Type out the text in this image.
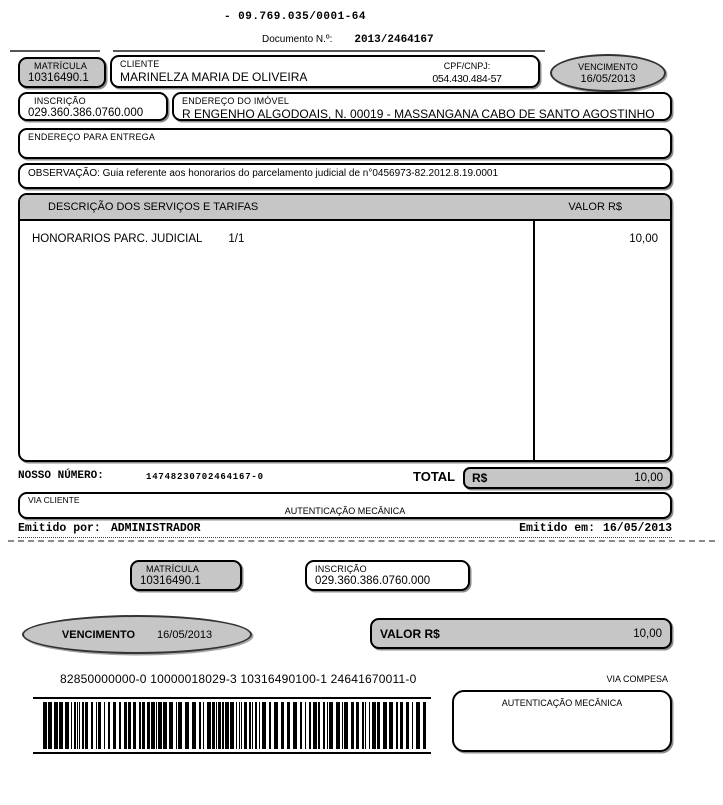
- 09.769.035/0001-64
Documento N.º: 2013/2464167
MATRÍCULA
10316490.1
CLIENTE
MARINELZA MARIA DE OLIVEIRA
CPF/CNPJ:
054.430.484-57
VENCIMENTO
16/05/2013
INSCRIÇÃO
029.360.386.0760.000
ENDEREÇO DO IMÓVEL
R ENGENHO ALGODOAIS, N. 00019 - MASSANGANA CABO DE SANTO AGOSTINHO
ENDEREÇO PARA ENTREGA
OBSERVAÇÃO: Guia referente aos honorarios do parcelamento judicial de n°0456973-82.2012.8.19.0001
DESCRIÇÃO DOS SERVIÇOS E TARIFAS	VALOR R$
HONORARIOS PARC. JUDICIAL 1/1	10,00
NOSSO NÚMERO:	14748230702464167-0	TOTAL R$	10,00
VIA CLIENTE
AUTENTICAÇÃO MECÂNICA
Emitido por: ADMINISTRADOR	Emitido em: 16/05/2013
MATRÍCULA
10316490.1
INSCRIÇÃO
029.360.386.0760.000
VENCIMENTO 16/05/2013	VALOR R$	10,00
82850000000-0 10000018029-3 10316490100-1 24641670011-0	VIA COMPESA
AUTENTICAÇÃO MECÂNICA
